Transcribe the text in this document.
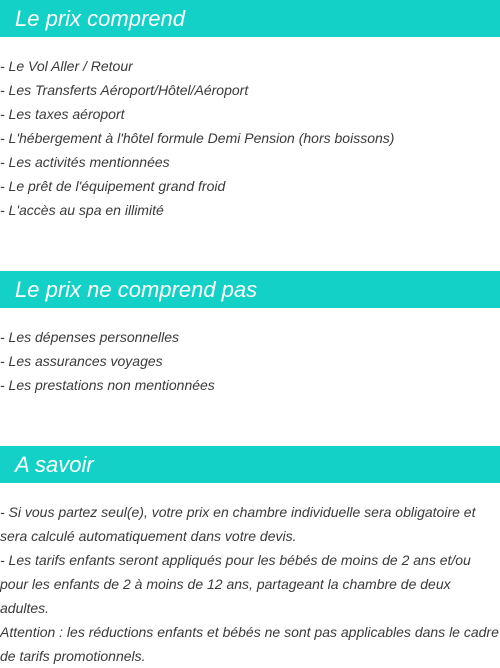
Le prix comprend
- Le Vol Aller / Retour
- Les Transferts Aéroport/Hôtel/Aéroport
- Les taxes aéroport
- L'hébergement à l'hôtel formule Demi Pension (hors boissons)
- Les activités mentionnées
- Le prêt de l'équipement grand froid
- L'accès au spa en illimité
Le prix ne comprend pas
- Les dépenses personnelles
- Les assurances voyages
- Les prestations non mentionnées
A savoir

- Si vous partez seul(e), votre prix en chambre individuelle sera obligatoire et sera calculé automatiquement dans votre devis.

- Les tarifs enfants seront appliqués pour les bébés de moins de 2 ans et/ou pour les enfants de 2 à moins de 12 ans, partageant la chambre de deux adultes.

Attention : les réductions enfants et bébés ne sont pas applicables dans le cadre de tarifs promotionnels.
